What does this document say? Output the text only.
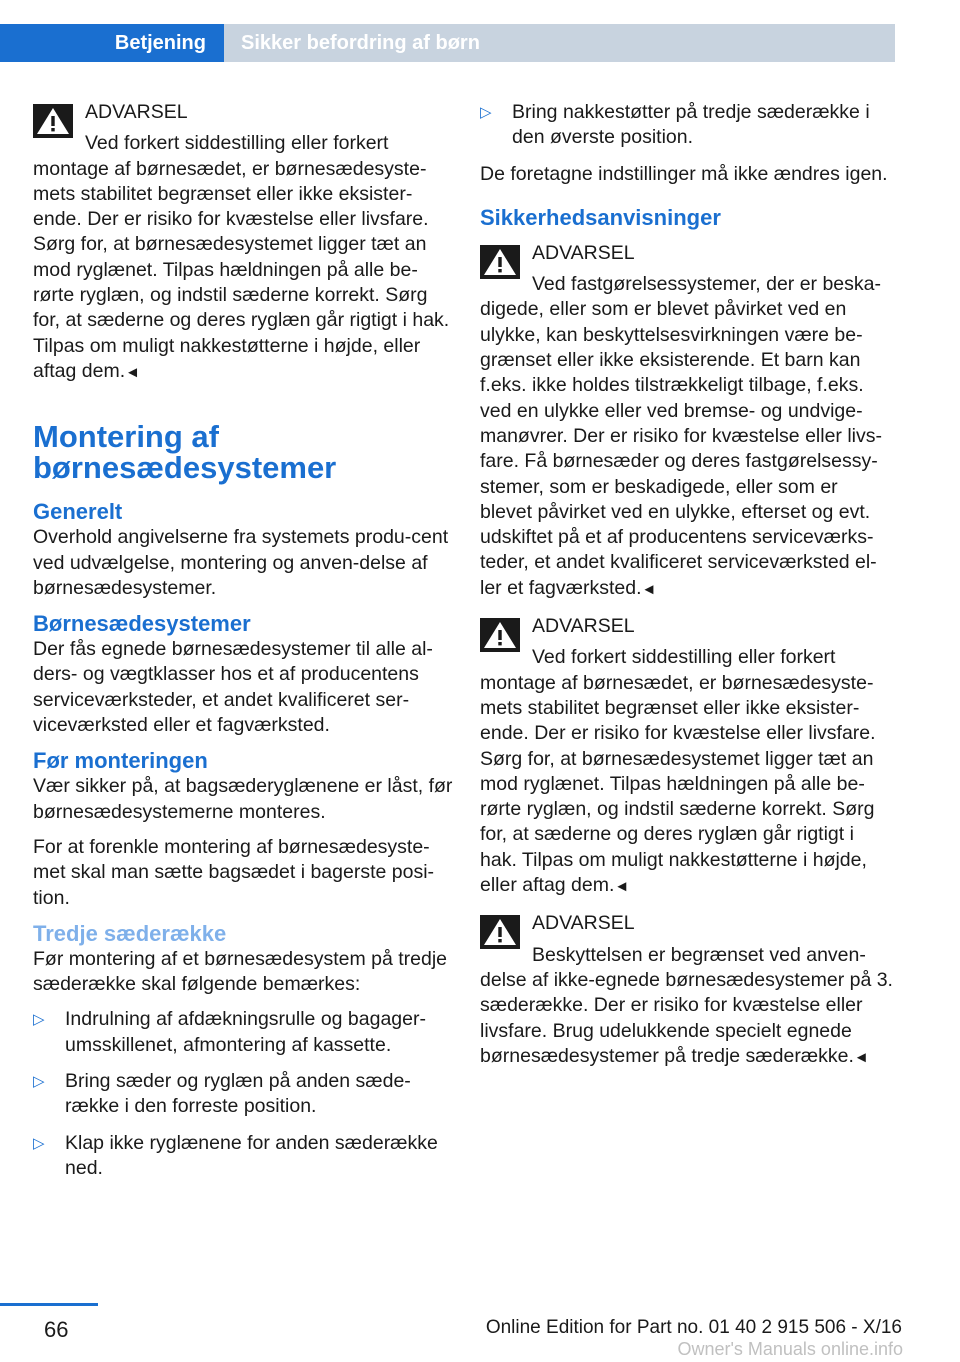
Betjening	Sikker befordring af børn
ADVARSEL
Ved forkert siddestilling eller forkert montage af børnesædet, er børnesædesyste-mets stabilitet begrænset eller ikke eksister-ende. Der er risiko for kvæstelse eller livsfare. Sørg for, at børnesædesystemet ligger tæt an mod ryglænet. Tilpas hældningen på alle be-rørte ryglæn, og indstil sæderne korrekt. Sørg for, at sæderne og deres ryglæn går rigtigt i hak. Tilpas om muligt nakkestøtterne i højde, eller aftag dem.◄
Montering af børnesædesystemer
Generelt

Overhold angivelserne fra systemets produ-cent ved udvælgelse, montering og anven-delse af børnesædesystemer.

Børnesædesystemer

Der fås egnede børnesædesystemer til alle al-ders- og vægtklasser hos et af producentens serviceværksteder, et andet kvalificeret ser-viceværksted eller et fagværksted.

Før monteringen

Vær sikker på, at bagsæderyglænene er låst, før børnesædesystemerne monteres.

For at forenkle montering af børnesædesyste-met skal man sætte bagsædet i bagerste posi-tion.

Tredje sæderække

Før montering af et børnesædesystem på tredje sæderække skal følgende bemærkes:

▷ Indrulning af afdækningsrulle og bagager-umsskillenet, afmontering af kassette.
▷ Bring sæder og ryglæn på anden sæde-række i den forreste position.
▷ Klap ikke ryglænene for anden sæderække ned.
▷ Bring nakkestøtter på tredje sæderække i den øverste position.

De foretagne indstillinger må ikke ændres igen.

Sikkerhedsanvisninger
ADVARSEL
Ved fastgørelsessystemer, der er beska-digede, eller som er blevet påvirket ved en ulykke, kan beskyttelsesvirkningen være be-grænset eller ikke eksisterende. Et barn kan f.eks. ikke holdes tilstrækkeligt tilbage, f.eks. ved en ulykke eller ved bremse- og undvige-manøvrer. Der er risiko for kvæstelse eller livs-fare. Få børnesæder og deres fastgørelsessy-stemer, som er beskadigede, eller som er blevet påvirket ved en ulykke, efterset og evt. udskiftet på et af producentens serviceværks-teder, et andet kvalificeret serviceværksted el-ler et fagværksted.◄
ADVARSEL
Ved forkert siddestilling eller forkert montage af børnesædet, er børnesædesyste-mets stabilitet begrænset eller ikke eksister-ende. Der er risiko for kvæstelse eller livsfare. Sørg for, at børnesædesystemet ligger tæt an mod ryglænet. Tilpas hældningen på alle be-rørte ryglæn, og indstil sæderne korrekt. Sørg for, at sæderne og deres ryglæn går rigtigt i hak. Tilpas om muligt nakkestøtterne i højde, eller aftag dem.◄
ADVARSEL
Beskyttelsen er begrænset ved anven-delse af ikke-egnede børnesædesystemer på 3. sæderække. Der er risiko for kvæstelse eller livsfare. Brug udelukkende specielt egnede børnesædesystemer på tredje sæderække.◄
66	Online Edition for Part no. 01 40 2 915 506 - X/16
Owner's Manuals online.info
